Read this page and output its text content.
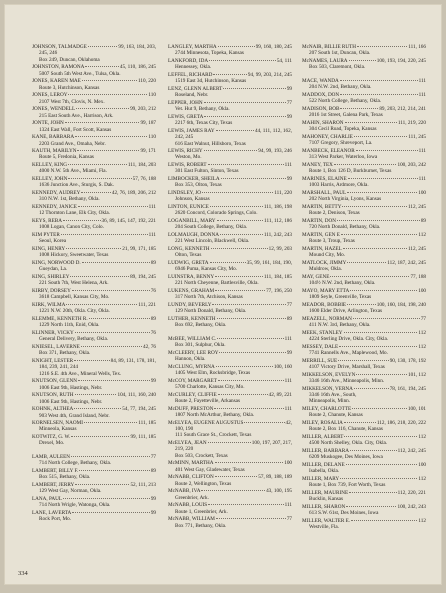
JOHNSON, TALMADGE	99, 163, 184, 203,
245, 246
Box 249, Duncan, Oklahoma
JOHNSTON, RAMONA	45, 110, 186, 245
5007 South 5th West Ave., Tulsa, Okla.
JONES, KAREN MAE	110, 220
Route 3, Hutchinson, Kansas
JONES, LEROY	110
2107 West 7th, Clovis, N. Mex.
JONES, WENDELL	99, 203, 212
215 East South Ave., Harrison, Ark.
JONTE, JOHN	99, 187
1324 East Wall, Fort Scott, Kansas
KANE, BARBARA	110
2203 Grand Ave., Omaha, Nebr.
KAUTH, MARILYN	99, 171
Route 5, Fredonia, Kansas
KELLEY, KING	111, 184, 203
4000 N.W. 5th Ave., Miami, Fla.
KELLEY, JOHN	57, 76, 188
1636 Junction Ave., Sturgis, S. Dak.
KENNEDY, AUDREY	42, 76, 189, 206, 212
310 N.W. 1st, Bethany, Okla.
KENNEDY, JANICE	111
12 Thornton Lane, Elk City, Okla.
KEYS, REBA	36, 89, 145, 147, 192, 221
1008 Logan, Canon City, Colo.
KIM PYTER	111
Seoul, Korea
KING, HENRY	21, 99, 171, 185
1008 Hickory, Sweetwater, Texas
KING, NORWOOD D.	89
Gueydan, La.
KING, SHIRLEY	89, 194, 245
221 South 7th, West Helena, Ark.
KIRBY, DORSEY	76
3618 Campbell, Kansas City, Mo.
KIRK, WILMA	111, 221
1221 N.W. 20th, Okla. City, Okla.
KLEMME, KENNETH R.	89
1229 North 11th, Enid, Okla.
KLINNER, VICKY	76
General Delivery, Bethany, Okla.
KNIESEL, LAVERNE	42, 76
Box 371, Bethany, Okla.
KNIGHT, LESTER	84, 89, 131, 178, 181,
184, 239, 241, 244
1216 S.E. 4th Ave., Mineral Wells, Tex.
KNUTSON, GLENN	99
1006 East 9th, Hastings, Nebr.
KNUTSON, RUTH	104, 111, 160, 240
1006 East 9th, Hastings, Nebr.
KOHNK, ALTHEA	54, 77, 194, 245
903 West 4th, Grand Island, Nebr.
KORNELSEN, NAOMI	111, 185
Minneola, Kansas
KOTWITZ, G. W.	99, 111, 185
Drexel, Mo.
LAMB, AULEEN	77
714 North College, Bethany, Okla.
LAMBERT, BILLY F.	89
Box 515, Bethany, Okla.
LAMBERT, JERRY	52, 111, 213
129 West Gay, Norman, Okla.
LANA, PAUL	99
714 North Wrigle, Watonga, Okla.
LANE, LAVERTA	99
Rock Port, Mo.
LANGLEY, MARTHA	99, 160, 180, 245
2744 Minnesota, Topeka, Kansas
LANKFORD, IDA	54, 111
Hennessey, Okla.
LEFFEL, RICHARD	94, 99, 203, 214, 245
1519 East 3d, Hutchinson, Kansas
LENZ, GLENN ALBERT	99
Roseland, Nebr.
LEPPER, JOHN	77
Vet. Hut 9, Bethany, Okla.
LEWIS, GRETA	99
2217 6th, Texas City, Texas
LEWIS, JAMES RAY	44, 111, 112, 162,
242, 245
616 East Walnut, Hillsboro, Texas
LEWIS, RICHY	94, 99, 193, 246
Weston, Mo.
LEWIS, ROBERT	111
301 East Fulton, Sinton, Texas
LIMBOCKER, SHEILA	99
Box 353, Olton, Texas
LINDSLEY, JO	111, 220
Johnson, Kansas
LINTON, EUNICE	111, 186, 198
2620 Concord, Colorado Springs, Colo.
LOGANBILL, MARY	111, 112, 186
204 South College, Bethany, Okla.
LOLMAUGH, DONNA	111, 242, 243
221 West Lincoln, Blackwell, Okla.
LONG, KENNETH	12, 99, 203
Olton, Texas
LUDWIG, GRETA	35, 99, 161, 184, 190,
6946 Puma, Kansas City, Mo.
LUINSTRA, BENNY	111, 184, 185
221 North Cheyenne, Bartlesville, Okla.
LUKENS, GRAHAM	77, 196, 250
317 North 7th, Atchison, Kansas
LUNDY, BEVERLY	77
129 North Donald, Bethany, Okla.
LUTHER, KENNETH	89
Box 692, Bethany, Okla.
McBEE, WILLIAM C.	111
Box 301, Sulphur, Okla.
McCLEERY, LEE ROY	99
Hannon, Okla.
McCLUNG, MYRNA	100, 160
1405 West Elm, Rocksbridge, Texas
McCOY, MARGARET	111
5700 Charlotte, Kansas City, Mo.
McCURLEY, CLIFFIE	42, 89, 221
Route 2, Fayetteville, Arkansas
McDUFF, PRESTON	111
1807 North McArthur, Bethany, Okla.
McELYEA, EUGENE AUGUSTUS	42,
100, 190
111 South Grace St., Crockett, Texas
McELYEA, JEAN	100, 197, 207, 217,
219, 220
Box 503, Crockett, Texas
McMINN, MARTHA	100
401 West Gay, Gladewater, Texas
McNABB, CLIFTON	57, 89, 188, 189
Route 2, Wellington, Texas
McNABB, IVA	43, 100, 195
Greenbrier, Ark.
McNABB, LOUIS	111
Route 1, Greenbrier, Ark.
McNABB, WILLIAM	77
Box 771, Bethany, Okla.
McNAIR, BILLIE RUTH	111, 166
207 South 1st, Duncan, Okla.
McNAMES, LAURA	100, 193, 194, 220, 245
Box 503, Claremont, Okla.
MACE, WANDA	111
204 N.W. 2nd, Bethany, Okla.
MADDOX, DON	111
522 North College, Bethany, Okla.
MADISON, BOB	89, 203, 212, 214, 241
2016 1st Street, Galena Park, Texas
MAHIN, SHARON	111, 219, 220
304 Cecil Road, Topeka, Kansas
MAHONEY, CHARLIE	111, 245
7107 Gregory, Shreveport, La.
MANBECK, ELEANOR	111
313 West Parker, Waterloo, Iowa
MANEY, TEX	100, 203, 242
Route 1, Box 126 D, Burkburnet, Texas
MARINES, ELAINE	111
1003 Harris, Ardmore, Okla.
MARSHALL, PAUL	100
202 North Virginia, Lyons, Kansas
MARTIN, BETTY	112, 245
Route 2, Denison, Texas
MARTIN, DON	89
720 North Donald, Bethany, Okla.
MARTIN, GEN E	112
Route 3, Troup, Texas
MARTIN, HAZEL	112, 245
Mound City, Mo.
MATLOCK, JIMMY	112, 187, 242, 245
Muldrow, Okla.
MAY, GENE	77, 188
104½ N.W. 2nd, Bethany, Okla.
MAYO, MARY ETTA	100
1809 Seyle, Greenville, Texas
MEADOR, BOBBIE	100, 160, 184, 198, 240
1600 Elder Drive, Arlington, Texas
MEAZELL, NORMAN	77
411 N.W. 3rd, Bethany, Okla.
MEEK, STANLEY	112
4224 Sterling Drive, Okla. City, Okla.
MESSEY, DALE	112
7741 Rannells Ave., Maplewood, Mo.
MERRILL, SUE	90, 130, 178, 192
4107 Victory Drive, Marshall, Texas
MIKKELSON, EVELYN	101, 112
3346 16th Ave., Minneapolis, Minn.
MIKKELSON, VERNA	78, 161, 194, 245
3346 16th Ave., South,
Minneapolis, Minn.
MILEY, CHARLOTTE	100, 101
Route 2, Chanute, Kansas
MILEY, ROSALIA	112, 186, 218, 220, 222
Route 2, Box 116, Chanute, Kansas
MILLER, ALBERT	112
4500 North Shelley, Okla. City, Okla.
MILLER, BARBARA	112, 242, 245
6209 Muskogee, Des Moines, Iowa
MILLER, DELANE	100
Isabella, Okla.
MILLER, MARY	112
Route 1, Box 739, Fort Worth, Texas
MILLER, MAURINE	112, 220, 221
Bucklin, Kansas
MILLER, SHARON	100, 242, 243
613 S.W. 61st, Des Moines, Iowa
MILLER, WALTER E.	112
Westville, Fla.
334
